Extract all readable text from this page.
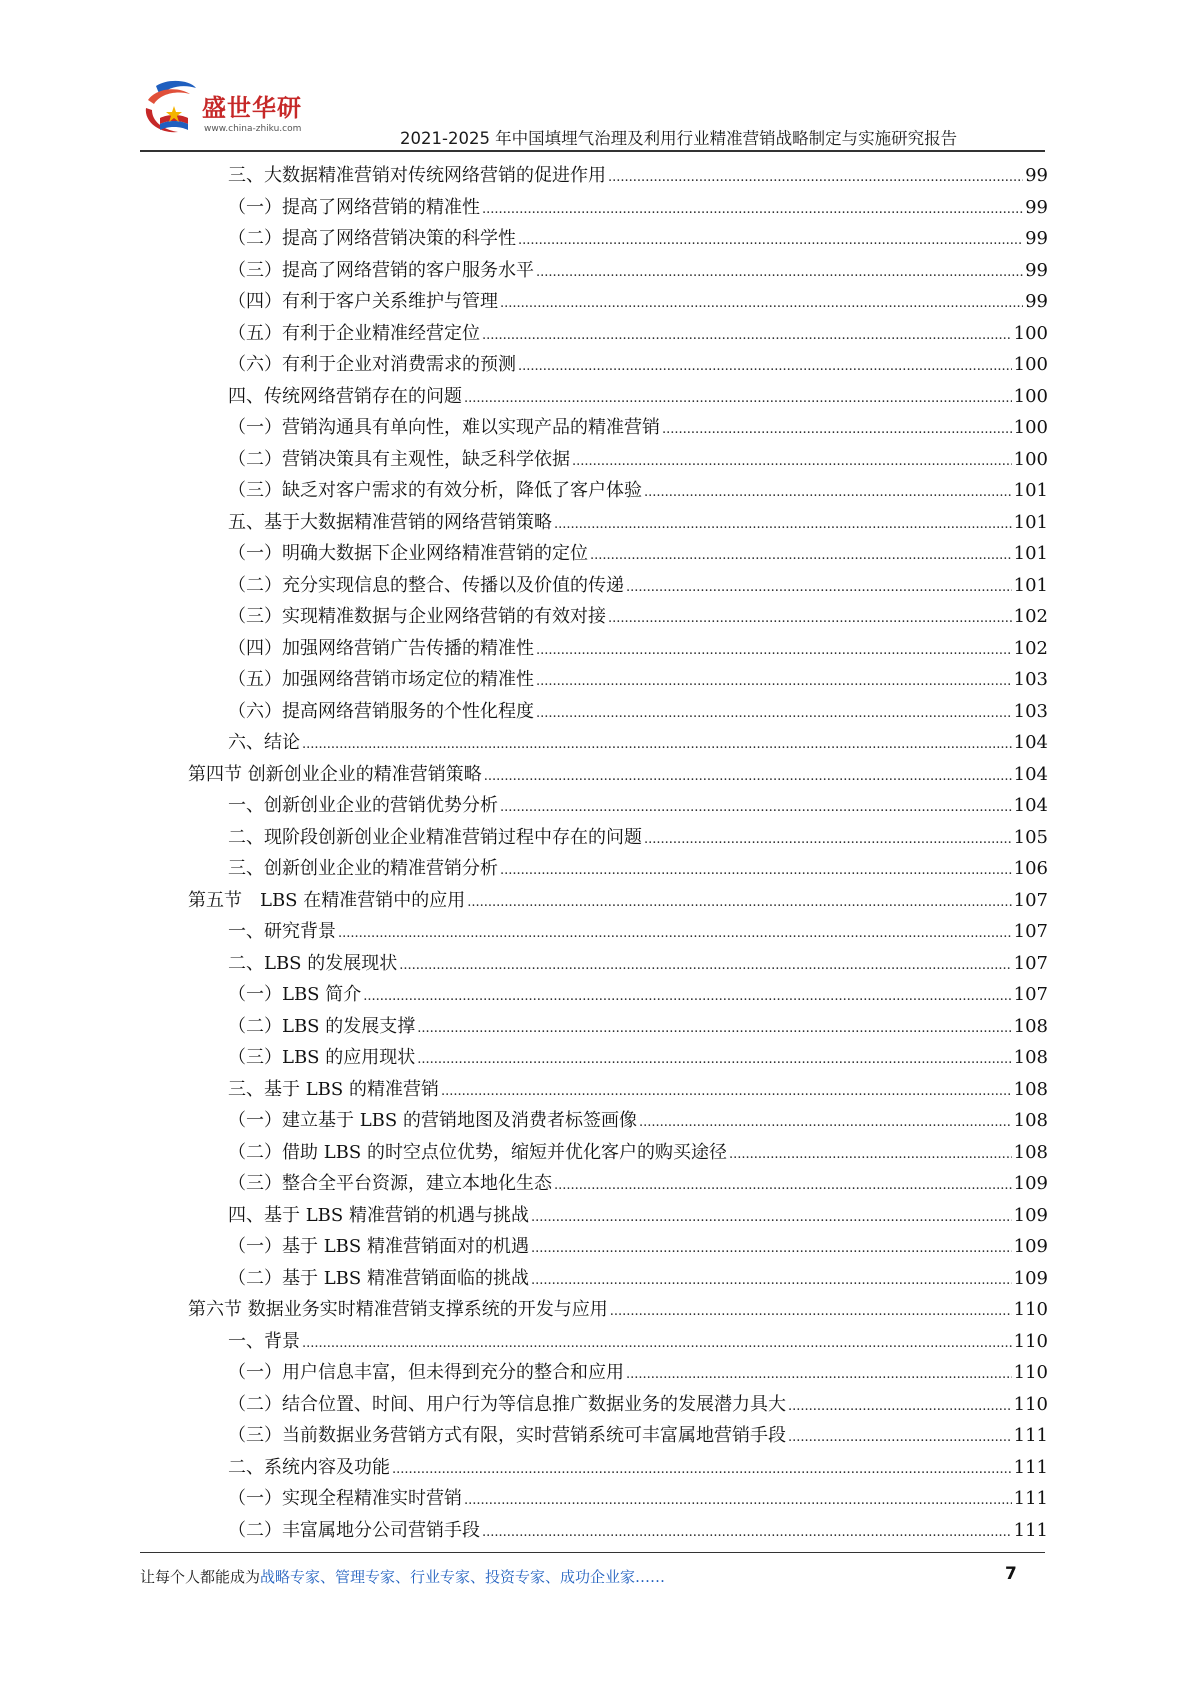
盛世华研
www.china-zhiku.com	2021-2025 年中国填埋气治理及利用行业精准营销战略制定与实施研究报告
三、大数据精准营销对传统网络营销的促进作用 .....	99
（一）提高了网络营销的精准性 .....	99
（二）提高了网络营销决策的科学性 .....	99
（三）提高了网络营销的客户服务水平 .....	99
（四）有利于客户关系维护与管理 .....	99
（五）有利于企业精准经营定位 .....	100
（六）有利于企业对消费需求的预测 .....	100
四、传统网络营销存在的问题 .....	100
（一）营销沟通具有单向性，难以实现产品的精准营销 .....	100
（二）营销决策具有主观性，缺乏科学依据 .....	100
（三）缺乏对客户需求的有效分析，降低了客户体验 .....	101
五、基于大数据精准营销的网络营销策略 .....	101
（一）明确大数据下企业网络精准营销的定位 .....	101
（二）充分实现信息的整合、传播以及价值的传递 .....	101
（三）实现精准数据与企业网络营销的有效对接 .....	102
（四）加强网络营销广告传播的精准性 .....	102
（五）加强网络营销市场定位的精准性 .....	103
（六）提高网络营销服务的个性化程度 .....	103
六、结论 .....	104
第四节 创新创业企业的精准营销策略 .....	104
一、创新创业企业的营销优势分析 .....	104
二、现阶段创新创业企业精准营销过程中存在的问题 .....	105
三、创新创业企业的精准营销分析 .....	106
第五节　LBS 在精准营销中的应用 .....	107
一、研究背景 .....	107
二、LBS 的发展现状 .....	107
（一）LBS 简介 .....	107
（二）LBS 的发展支撑 .....	108
（三）LBS 的应用现状 .....	108
三、基于 LBS 的精准营销 .....	108
（一）建立基于 LBS 的营销地图及消费者标签画像 .....	108
（二）借助 LBS 的时空点位优势，缩短并优化客户的购买途径 .....	108
（三）整合全平台资源，建立本地化生态 .....	109
四、基于 LBS 精准营销的机遇与挑战 .....	109
（一）基于 LBS 精准营销面对的机遇 .....	109
（二）基于 LBS 精准营销面临的挑战 .....	109
第六节 数据业务实时精准营销支撑系统的开发与应用 .....	110
一、背景 .....	110
（一）用户信息丰富，但未得到充分的整合和应用 .....	110
（二）结合位置、时间、用户行为等信息推广数据业务的发展潜力具大 .....	110
（三）当前数据业务营销方式有限，实时营销系统可丰富属地营销手段 .....	111
二、系统内容及功能 .....	111
（一）实现全程精准实时营销 .....	111
（二）丰富属地分公司营销手段 .....	111
让每个人都能成为战略专家、管理专家、行业专家、投资专家、成功企业家……	7
